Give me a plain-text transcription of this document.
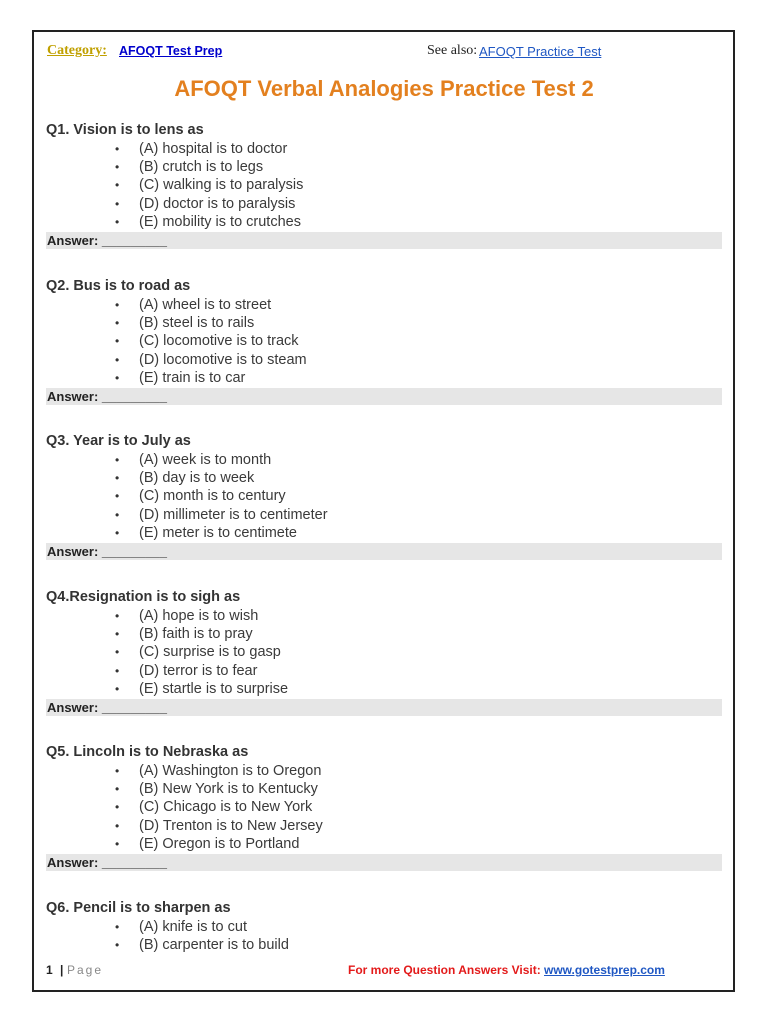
Category: AFOQT Test Prep	See also: AFOQT Practice Test
AFOQT Verbal Analogies Practice Test 2
Q1. Vision is to lens as
• (A) hospital is to doctor
• (B) crutch is to legs
• (C) walking is to paralysis
• (D) doctor is to paralysis
• (E) mobility is to crutches
Answer: _________
Q2. Bus is to road as
• (A) wheel is to street
• (B) steel is to rails
• (C) locomotive is to track
• (D) locomotive is to steam
• (E) train is to car
Answer: _________
Q3. Year is to July as
• (A) week is to month
• (B) day is to week
• (C) month is to century
• (D) millimeter is to centimeter
• (E) meter is to centimete
Answer: _________
Q4.Resignation is to sigh as
• (A) hope is to wish
• (B) faith is to pray
• (C) surprise is to gasp
• (D) terror is to fear
• (E) startle is to surprise
Answer: _________
Q5. Lincoln is to Nebraska as
• (A) Washington is to Oregon
• (B) New York is to Kentucky
• (C) Chicago is to New York
• (D) Trenton is to New Jersey
• (E) Oregon is to Portland
Answer: _________
Q6. Pencil is to sharpen as
• (A) knife is to cut
• (B) carpenter is to build
1 | Page	For more Question Answers Visit: www.gotestprep.com
